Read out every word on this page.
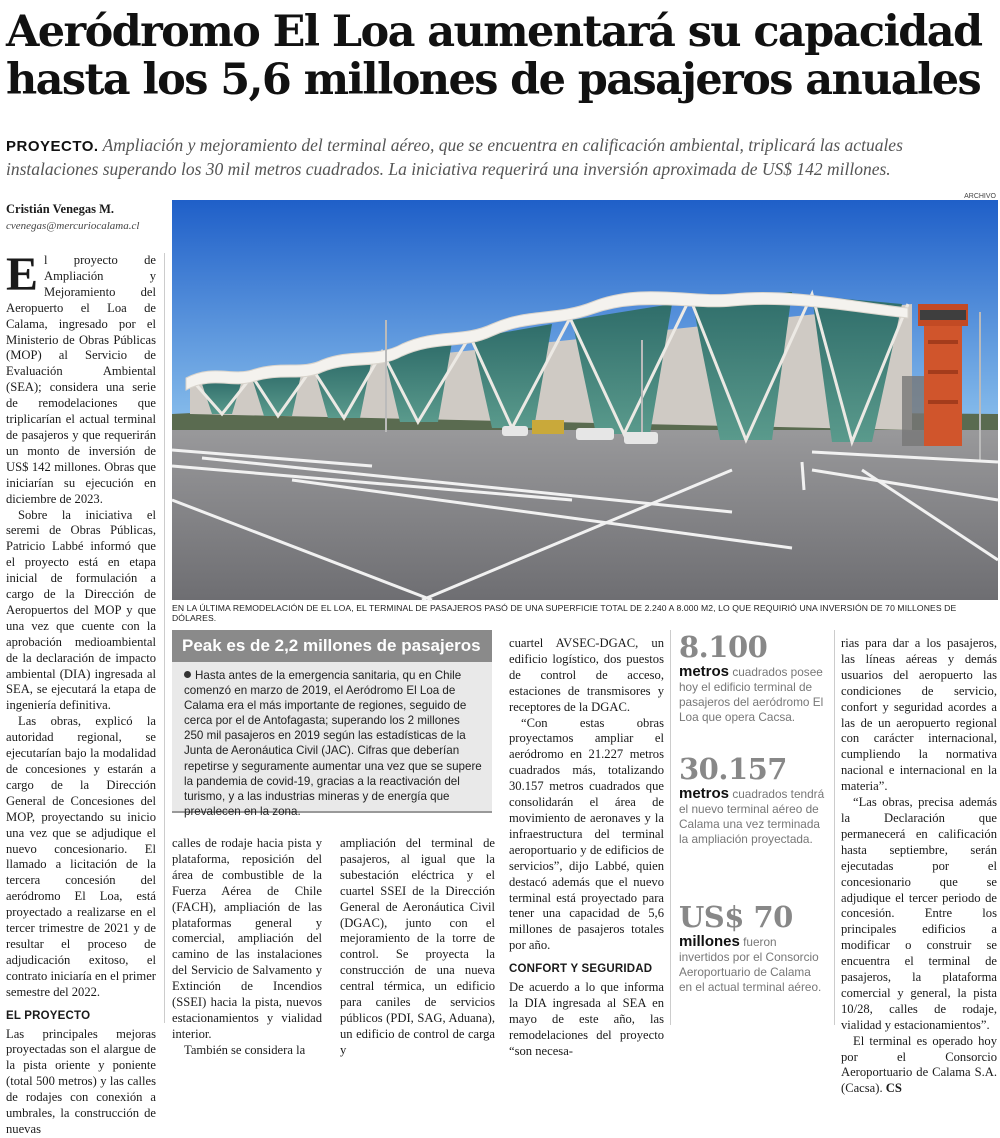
Aeródromo El Loa aumentará su capacidad hasta los 5,6 millones de pasajeros anuales
PROYECTO. Ampliación y mejoramiento del terminal aéreo, que se encuentra en calificación ambiental, triplicará las actuales instalaciones superando los 30 mil metros cuadrados. La iniciativa requerirá una inversión aproximada de US$ 142 millones.
Cristián Venegas M.
cvenegas@mercuriocalama.cl

El proyecto de Ampliación y Mejoramiento del Aeropuerto el Loa de Calama, ingresado por el Ministerio de Obras Públicas (MOP) al Servicio de Evaluación Ambiental (SEA); considera una serie de remodelaciones que triplicarían el actual terminal de pasajeros y que requerirán un monto de inversión de US$ 142 millones. Obras que iniciarían su ejecución en diciembre de 2023.

Sobre la iniciativa el seremi de Obras Públicas, Patricio Labbé informó que el proyecto está en etapa inicial de formulación a cargo de la Dirección de Aeropuertos del MOP y que una vez que cuente con la aprobación medioambiental de la declaración de impacto ambiental (DIA) ingresada al SEA, se ejecutará la etapa de ingeniería definitiva.

Las obras, explicó la autoridad regional, se ejecutarían bajo la modalidad de concesiones y estarán a cargo de la Dirección General de Concesiones del MOP, proyectando su inicio una vez que se adjudique el nuevo concesionario. El llamado a licitación de la tercera concesión del aeródromo El Loa, está proyectado a realizarse en el tercer trimestre de 2021 y de resultar el proceso de adjudicación exitoso, el contrato iniciaría en el primer semestre del 2022.

EL PROYECTO

Las principales mejoras proyectadas son el alargue de la pista oriente y poniente (total 500 metros) y las calles de rodajes con conexión a umbrales, la construcción de nuevas

ARCHIVO
EN LA ÚLTIMA REMODELACIÓN DE EL LOA, EL TERMINAL DE PASAJEROS PASÓ DE UNA SUPERFICIE TOTAL DE 2.240 A 8.000 M2, LO QUE REQUIRIÓ UNA INVERSIÓN DE 70 MILLONES DE DÓLARES.
Peak es de 2,2 millones de pasajeros
Hasta antes de la emergencia sanitaria, qu en Chile comenzó en marzo de 2019, el Aeródromo El Loa de Calama era el más importante de regiones, seguido de cerca por el de Antofagasta; superando los 2 millones 250 mil pasajeros en 2019 según las estadísticas de la Junta de Aeronáutica Civil (JAC). Cifras que deberían repetirse y seguramente aumentar una vez que se supere la pandemia de covid-19, gracias a la reactivación del turismo, y a las industrias mineras y de energía que prevalecen en la zona.

calles de rodaje hacia pista y plataforma, reposición del área de combustible de la Fuerza Aérea de Chile (FACH), ampliación de las plataformas general y comercial, ampliación del camino de las instalaciones del Servicio de Salvamento y Extinción de Incendios (SSEI) hacia la pista, nuevos estacionamientos y vialidad interior.

También se considera la

ampliación del terminal de pasajeros, al igual que la subestación eléctrica y el cuartel SSEI de la Dirección General de Aeronáutica Civil (DGAC), junto con el mejoramiento de la torre de control. Se proyecta la construcción de una nueva central térmica, un edificio para caniles de servicios públicos (PDI, SAG, Aduana), un edificio de control de carga y

cuartel AVSEC-DGAC, un edificio logístico, dos puestos de control de acceso, estaciones de transmisores y receptores de la DGAC.

“Con estas obras proyectamos ampliar el aeródromo en 21.227 metros cuadrados más, totalizando 30.157 metros cuadrados que consolidarán el área de movimiento de aeronaves y la infraestructura del terminal aeroportuario y de edificios de servicios”, dijo Labbé, quien destacó además que el nuevo terminal está proyectado para tener una capacidad de 5,6 millones de pasajeros totales por año.

CONFORT Y SEGURIDAD

De acuerdo a lo que informa la DIA ingresada al SEA en mayo de este año, las remodelaciones del proyecto “son necesa-

8.100
metros cuadrados posee hoy el edificio terminal de pasajeros del aeródromo El Loa que opera Cacsa.
30.157
metros cuadrados tendrá el nuevo terminal aéreo de Calama una vez terminada la ampliación proyectada.
US$ 70
millones fueron invertidos por el Consorcio Aeroportuario de Calama en el actual terminal aéreo.

rias para dar a los pasajeros, las líneas aéreas y demás usuarios del aeropuerto las condiciones de servicio, confort y seguridad acordes a las de un aeropuerto regional con carácter internacional, cumpliendo la normativa nacional e internacional en la materia”.

“Las obras, precisa además la Declaración que permanecerá en calificación hasta septiembre, serán ejecutadas por el concesionario que se adjudique el tercer periodo de concesión. Entre los principales edificios a modificar o construir se encuentra el terminal de pasajeros, la plataforma comercial y general, la pista 10/28, calles de rodaje, vialidad y estacionamientos”.

El terminal es operado hoy por el Consorcio Aeroportuario de Calama S.A. (Cacsa). CS
